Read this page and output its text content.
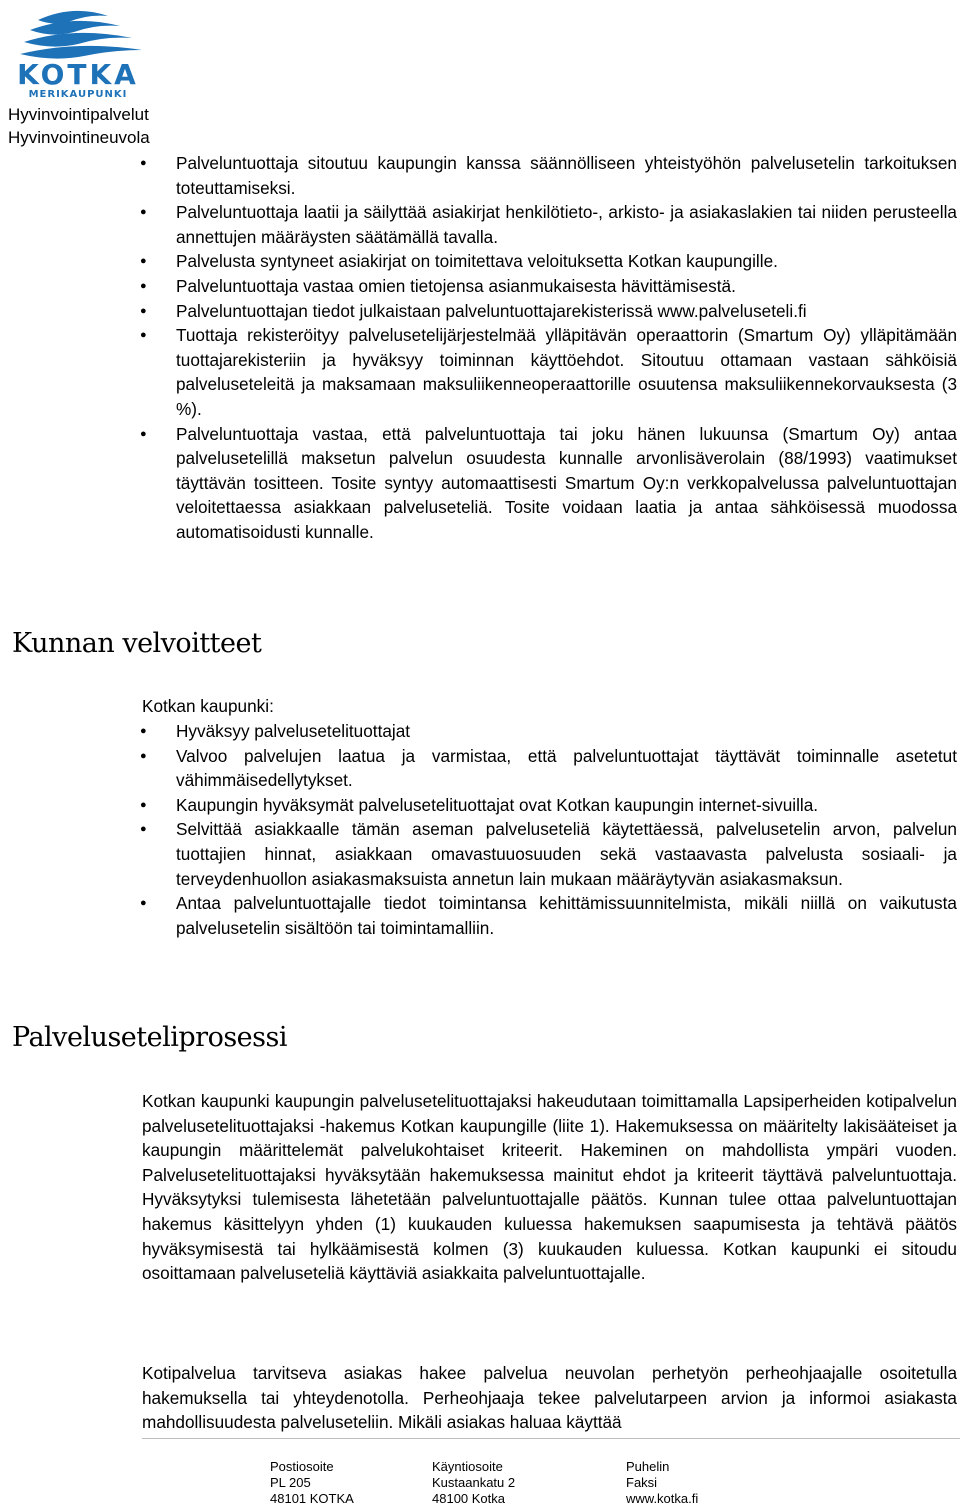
KOTKA
MERIKAUPUNKI
Hyvinvointipalvelut
Hyvinvointineuvola
● Palveluntuottaja sitoutuu kaupungin kanssa säännölliseen yhteistyöhön palvelusetelin tarkoituksen toteuttamiseksi.
● Palveluntuottaja laatii ja säilyttää asiakirjat henkilötieto-, arkisto- ja asiakaslakien tai niiden perusteella annettujen määräysten säätämällä tavalla.
● Palvelusta syntyneet asiakirjat on toimitettava veloituksetta Kotkan kaupungille.
● Palveluntuottaja vastaa omien tietojensa asianmukaisesta hävittämisestä.
● Palveluntuottajan tiedot julkaistaan palveluntuottajarekisterissä www.palveluseteli.fi
● Tuottaja rekisteröityy palvelusetelijärjestelmää ylläpitävän operaattorin (Smartum Oy) ylläpitämään tuottajarekisteriin ja hyväksyy toiminnan käyttöehdot. Sitoutuu ottamaan vastaan sähköisiä palveluseteleitä ja maksamaan maksuliikenneoperaattorille osuutensa maksuliikennekorvauksesta (3 %).
● Palveluntuottaja vastaa, että palveluntuottaja tai joku hänen lukuunsa (Smartum Oy) antaa palvelusetelillä maksetun palvelun osuudesta kunnalle arvonlisäverolain (88/1993) vaatimukset täyttävän tositteen. Tosite syntyy automaattisesti Smartum Oy:n verkkopalvelussa palveluntuottajan veloitettaessa asiakkaan palveluseteliä. Tosite voidaan laatia ja antaa sähköisessä muodossa automatisoidusti kunnalle.
Kunnan velvoitteet
Kotkan kaupunki:
● Hyväksyy palvelusetelituottajat
● Valvoo palvelujen laatua ja varmistaa, että palveluntuottajat täyttävät toiminnalle asetetut vähimmäisedellytykset.
● Kaupungin hyväksymät palvelusetelituottajat ovat Kotkan kaupungin internet-sivuilla.
● Selvittää asiakkaalle tämän aseman palveluseteliä käytettäessä, palvelusetelin arvon, palvelun tuottajien hinnat, asiakkaan omavastuuosuuden sekä vastaavasta palvelusta sosiaali- ja terveydenhuollon asiakasmaksuista annetun lain mukaan määräytyvän asiakasmaksun.
● Antaa palveluntuottajalle tiedot toimintansa kehittämissuunnitelmista, mikäli niillä on vaikutusta palvelusetelin sisältöön tai toimintamalliin.
Palveluseteliprosessi

Kotkan kaupunki kaupungin palvelusetelituottajaksi hakeudutaan toimittamalla Lapsiperheiden kotipalvelun palvelusetelituottajaksi -hakemus Kotkan kaupungille (liite 1). Hakemuksessa on määritelty lakisääteiset ja kaupungin määrittelemät palvelukohtaiset kriteerit. Hakeminen on mahdollista ympäri vuoden. Palvelusetelituottajaksi hyväksytään hakemuksessa mainitut ehdot ja kriteerit täyttävä palveluntuottaja. Hyväksytyksi tulemisesta lähetetään palveluntuottajalle päätös. Kunnan tulee ottaa palveluntuottajan hakemus käsittelyyn yhden (1) kuukauden kuluessa hakemuksen saapumisesta ja tehtävä päätös hyväksymisestä tai hylkäämisestä kolmen (3) kuukauden kuluessa. Kotkan kaupunki ei sitoudu osoittamaan palveluseteliä käyttäviä asiakkaita palveluntuottajalle.

Kotipalvelua tarvitseva asiakas hakee palvelua neuvolan perhetyön perheohjaajalle osoitetulla hakemuksella tai yhteydenotolla. Perheohjaaja tekee palvelutarpeen arvion ja informoi asiakasta mahdollisuudesta palveluseteliin. Mikäli asiakas haluaa käyttää

Postiosoite
PL 205
48101 KOTKA
Käyntiosoite
Kustaankatu 2
48100 Kotka
Puhelin
Faksi
www.kotka.fi
